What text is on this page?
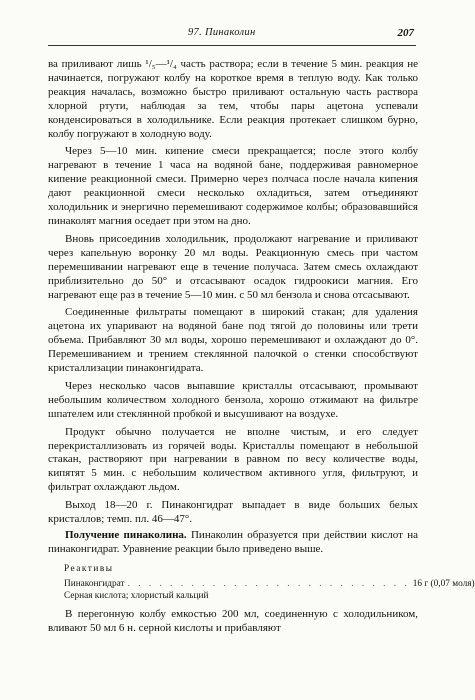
97. Пинаколин	207

ва приливают лишь ¹/₅—¹/₄ часть раствора; если в течение 5 мин. реакция не начинается, погружают колбу на короткое время в теплую воду. Как только реакция началась, возможно быстро приливают остальную часть раствора хлорной ртути, наблюдая за тем, чтобы пары ацетона успевали конденсироваться в холодильнике. Если реакция протекает слишком бурно, колбу погружают в холодную воду.

Через 5—10 мин. кипение смеси прекращается; после этого колбу нагревают в течение 1 часа на водяной бане, поддерживая равномерное кипение реакционной смеси. Примерно через полчаса после начала кипения дают реакционной смеси несколько охладиться, затем отъединяют холодильник и энергично перемешивают содержимое колбы; образовавшийся пинаколят магния оседает при этом на дно.

Вновь присоединив холодильник, продолжают нагревание и приливают через капельную воронку 20 мл воды. Реакционную смесь при частом перемешивании нагревают еще в течение получаса. Затем смесь охлаждают приблизительно до 50° и отсасывают осадок гидроокиси магния. Его нагревают еще раз в течение 5—10 мин. с 50 мл бензола и снова отсасывают.

Соединенные фильтраты помещают в широкий стакан; для удаления ацетона их упаривают на водяной бане под тягой до половины или трети объема. Прибавляют 30 мл воды, хорошо перемешивают и охлаждают до 0°. Перемешиванием и трением стеклянной палочкой о стенки способствуют кристаллизации пинаконгидрата.

Через несколько часов выпавшие кристаллы отсасывают, промывают небольшим количеством холодного бензола, хорошо отжимают на фильтре шпателем или стеклянной пробкой и высушивают на воздухе.

Продукт обычно получается не вполне чистым, и его следует перекристаллизовать из горячей воды. Кристаллы помещают в небольшой стакан, растворяют при нагревании в равном по весу количестве воды, кипятят 5 мин. с небольшим количеством активного угля, фильтруют, и фильтрат охлаждают льдом.

Выход 18—20 г. Пинаконгидрат выпадает в виде больших белых кристаллов; темп. пл. 46—47°.

Получение пинаколина. Пинаколин образуется при действии кислот на пинаконгидрат. Уравнение реакции было приведено выше.

Реактивы
Пинаконгидрат . . . . . . . . . . . . . . . . . . . . . . . . . . . 16 г (0,07 моля)
Серная кислота; хлористый кальций

В перегонную колбу емкостью 200 мл, соединенную с холодильником, вливают 50 мл 6 н. серной кислоты и прибавляют
